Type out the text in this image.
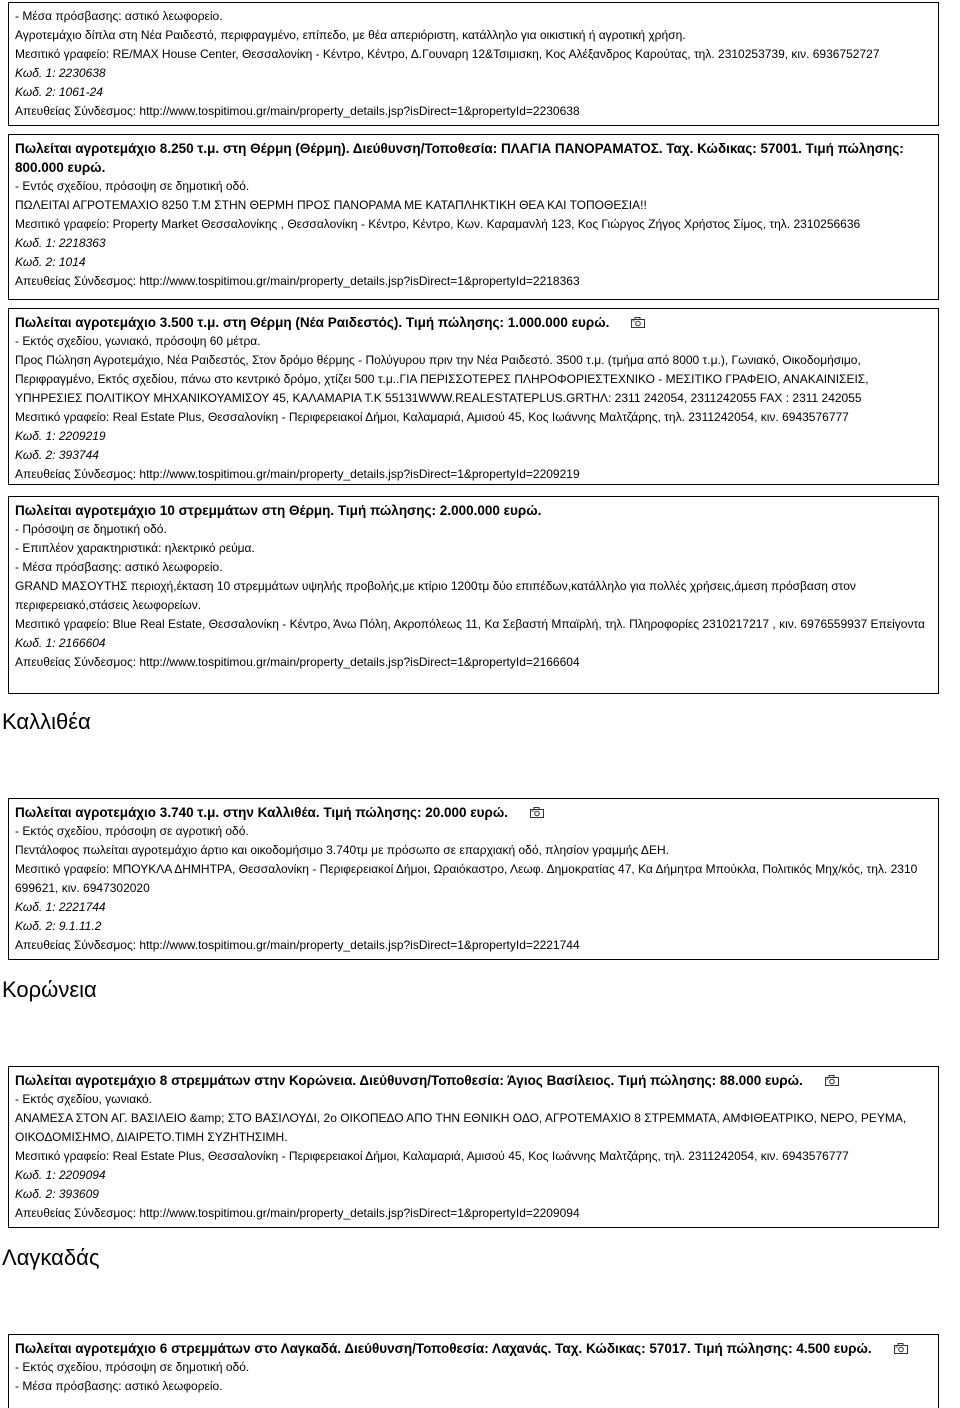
- Μέσα πρόσβασης: αστικό λεωφορείο.
Αγροτεμάχιο δίπλα στη Νέα Ραιδεστό, περιφραγμένο, επίπεδο, με θέα απεριόριστη, κατάλληλο για οικιστική ή αγροτική χρήση.
Μεσιτικό γραφείο: RE/MAX House Center, Θεσσαλονίκη - Κέντρο, Κέντρο, Δ.Γουναρη 12&Τσιμισκη, Κος Αλέξανδρος Καρούτας, τηλ. 2310253739, κιν. 6936752727
Κωδ. 1: 2230638
Κωδ. 2: 1061-24
Απευθείας Σύνδεσμος: http://www.tospitimou.gr/main/property_details.jsp?isDirect=1&propertyId=2230638
Πωλείται αγροτεμάχιο 8.250 τ.μ. στη Θέρμη (Θέρμη). Διεύθυνση/Τοποθεσία: ΠΛΑΓΙΑ ΠΑΝΟΡΑΜΑΤΟΣ. Ταχ. Κώδικας: 57001. Τιμή πώλησης: 800.000 ευρώ.
- Εντός σχεδίου, πρόσοψη σε δημοτική οδό.
ΠΩΛΕΙΤΑΙ ΑΓΡΟΤΕΜΑΧΙΟ 8250 Τ.Μ ΣΤΗΝ ΘΕΡΜΗ ΠΡΟΣ ΠΑΝΟΡΑΜΑ ΜΕ ΚΑΤΑΠΛΗΚΤΙΚΗ ΘΕΑ ΚΑΙ ΤΟΠΟΘΕΣΙΑ!!
Μεσιτικό γραφείο: Property Market Θεσσαλονίκης , Θεσσαλονίκη - Κέντρο, Κέντρο, Κων. Καραμανλή 123, Κος Γιώργος Ζήγος Χρήστος Σίμος, τηλ. 2310256636
Κωδ. 1: 2218363
Κωδ. 2: 1014
Απευθείας Σύνδεσμος: http://www.tospitimou.gr/main/property_details.jsp?isDirect=1&propertyId=2218363
Πωλείται αγροτεμάχιο 3.500 τ.μ. στη Θέρμη (Νέα Ραιδεστός). Τιμή πώλησης: 1.000.000 ευρώ.
- Εκτός σχεδίου, γωνιακό, πρόσοψη 60 μέτρα.
Προς Πώληση Αγροτεμάχιο, Νέα Ραιδεστός, Στον δρόμο θέρμης - Πολύγυρου πριν την Νέα Ραιδεστό. 3500 τ.μ. (τμήμα από 8000 τ.μ.), Γωνιακό, Οικοδομήσιμο, Περιφραγμένο, Εκτός σχεδίου, πάνω στο κεντρικό δρόμο, χτίζει 500 τ.μ..ΓΙΑ ΠΕΡΙΣΣΟΤΕΡΕΣ ΠΛΗΡΟΦΟΡΙΕΣΤΕΧΝΙΚΟ - ΜΕΣΙΤΙΚΟ ΓΡΑΦΕΙΟ, ΑΝΑΚΑΙΝΙΣΕΙΣ, ΥΠΗΡΕΣΙΕΣ ΠΟΛΙΤΙΚΟΥ ΜΗΧΑΝΙΚΟΥΑΜΙΣΟΥ 45, ΚΑΛΑΜΑΡΙΑ Τ.Κ 55131WWW.REALESTATEPLUS.GRΤΗΛ: 2311 242054, 2311242055 FAX : 2311 242055
Μεσιτικό γραφείο: Real Estate Plus, Θεσσαλονίκη - Περιφερειακοί Δήμοι, Καλαμαριά, Αμισού 45, Κος Ιωάννης Μαλτζάρης, τηλ. 2311242054, κιν. 6943576777
Κωδ. 1: 2209219
Κωδ. 2: 393744
Απευθείας Σύνδεσμος: http://www.tospitimou.gr/main/property_details.jsp?isDirect=1&propertyId=2209219
Πωλείται αγροτεμάχιο 10 στρεμμάτων στη Θέρμη. Τιμή πώλησης: 2.000.000 ευρώ.
- Πρόσοψη σε δημοτική οδό.
- Επιπλέον χαρακτηριστικά: ηλεκτρικό ρεύμα.
- Μέσα πρόσβασης: αστικό λεωφορείο.
GRAND ΜΑΣΟΥΤΗΣ περιοχή,έκταση 10 στρεμμάτων υψηλής προβολής,με κτίριο 1200τμ δύο επιπέδων,κατάλληλο για πολλές χρήσεις,άμεση πρόσβαση στον περιφερειακό,στάσεις λεωφορείων.
Μεσιτικό γραφείο: Blue Real Estate, Θεσσαλονίκη - Κέντρο, Άνω Πόλη, Ακροπόλεως 11, Κα Σεβαστή Μπαϊρλή, τηλ. Πληροφορίες 2310217217 , κιν. 6976559937 Επείγοντα
Κωδ. 1: 2166604
Απευθείας Σύνδεσμος: http://www.tospitimou.gr/main/property_details.jsp?isDirect=1&propertyId=2166604
Καλλιθέα
Πωλείται αγροτεμάχιο 3.740 τ.μ. στην Καλλιθέα. Τιμή πώλησης: 20.000 ευρώ.
- Εκτός σχεδίου, πρόσοψη σε αγροτική οδό.
Πεντάλοφος πωλείται αγροτεμάχιο άρτιο και οικοδομήσιμο 3.740τμ με πρόσωπο σε επαρχιακή οδό, πλησίον γραμμής ΔΕΗ.
Μεσιτικό γραφείο: ΜΠΟΥΚΛΑ ΔΗΜΗΤΡΑ, Θεσσαλονίκη - Περιφερειακοί Δήμοι, Ωραιόκαστρο, Λεωφ. Δημοκρατίας 47, Κα Δήμητρα Μπούκλα, Πολιτικός Μηχ/κός, τηλ. 2310 699621, κιν. 6947302020
Κωδ. 1: 2221744
Κωδ. 2: 9.1.11.2
Απευθείας Σύνδεσμος: http://www.tospitimou.gr/main/property_details.jsp?isDirect=1&propertyId=2221744
Κορώνεια
Πωλείται αγροτεμάχιο 8 στρεμμάτων στην Κορώνεια. Διεύθυνση/Τοποθεσία: Άγιος Βασίλειος. Τιμή πώλησης: 88.000 ευρώ.
- Εκτός σχεδίου, γωνιακό.
ΑΝΑΜΕΣΑ ΣΤΟΝ ΑΓ. ΒΑΣΙΛΕΙΟ &amp; ΣΤΟ ΒΑΣΙΛΟΥΔΙ, 2ο ΟΙΚΟΠΕΔΟ ΑΠΟ ΤΗΝ ΕΘΝΙΚΗ ΟΔΟ, ΑΓΡΟΤΕΜΑΧΙΟ 8 ΣΤΡΕΜΜΑΤΑ, ΑΜΦΙΘΕΑΤΡΙΚΟ, ΝΕΡΟ, ΡΕΥΜΑ, ΟΙΚΟΔΟΜΙΣΗΜΟ, ΔΙΑΙΡΕΤΟ.ΤΙΜΗ ΣΥΖΗΤΗΣΙΜΗ.
Μεσιτικό γραφείο: Real Estate Plus, Θεσσαλονίκη - Περιφερειακοί Δήμοι, Καλαμαριά, Αμισού 45, Κος Ιωάννης Μαλτζάρης, τηλ. 2311242054, κιν. 6943576777
Κωδ. 1: 2209094
Κωδ. 2: 393609
Απευθείας Σύνδεσμος: http://www.tospitimou.gr/main/property_details.jsp?isDirect=1&propertyId=2209094
Λαγκαδάς
Πωλείται αγροτεμάχιο 6 στρεμμάτων στο Λαγκαδά. Διεύθυνση/Τοποθεσία: Λαχανάς. Ταχ. Κώδικας: 57017. Τιμή πώλησης: 4.500 ευρώ.
- Εκτός σχεδίου, πρόσοψη σε δημοτική οδό.
- Μέσα πρόσβασης: αστικό λεωφορείο.
